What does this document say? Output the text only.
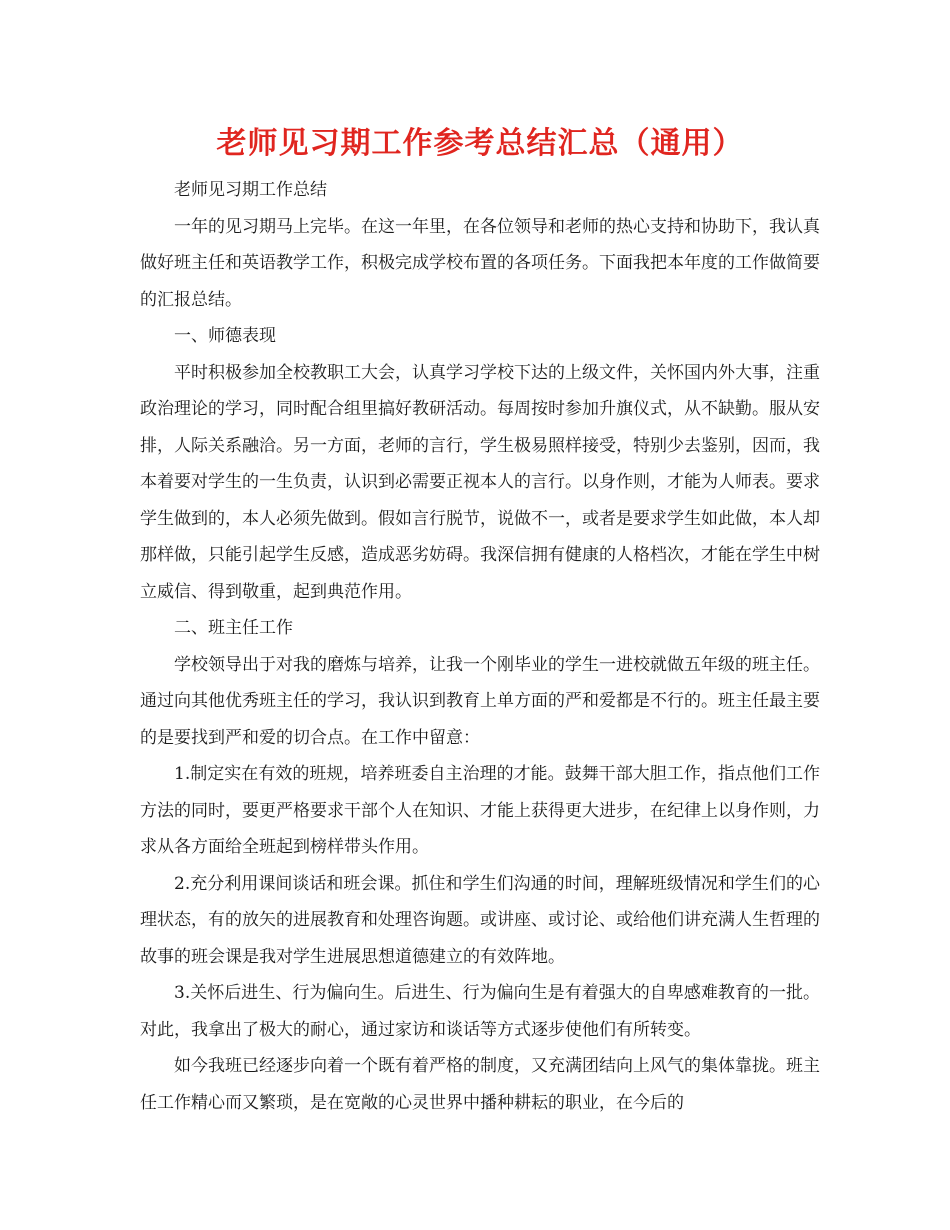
老师见习期工作参考总结汇总（通用）

老师见习期工作总结

一年的见习期马上完毕。在这一年里，在各位领导和老师的热心支持和协助下，我认真做好班主任和英语教学工作，积极完成学校布置的各项任务。下面我把本年度的工作做简要的汇报总结。

一、师德表现

平时积极参加全校教职工大会，认真学习学校下达的上级文件，关怀国内外大事，注重政治理论的学习，同时配合组里搞好教研活动。每周按时参加升旗仪式，从不缺勤。服从安排，人际关系融洽。另一方面，老师的言行，学生极易照样接受，特别少去鉴别，因而，我本着要对学生的一生负责，认识到必需要正视本人的言行。以身作则，才能为人师表。要求学生做到的，本人必须先做到。假如言行脱节，说做不一，或者是要求学生如此做，本人却那样做，只能引起学生反感，造成恶劣妨碍。我深信拥有健康的人格档次，才能在学生中树立威信、得到敬重，起到典范作用。

二、班主任工作

学校领导出于对我的磨炼与培养，让我一个刚毕业的学生一进校就做五年级的班主任。通过向其他优秀班主任的学习，我认识到教育上单方面的严和爱都是不行的。班主任最主要的是要找到严和爱的切合点。在工作中留意：

1.制定实在有效的班规，培养班委自主治理的才能。鼓舞干部大胆工作，指点他们工作方法的同时，要更严格要求干部个人在知识、才能上获得更大进步，在纪律上以身作则，力求从各方面给全班起到榜样带头作用。

2.充分利用课间谈话和班会课。抓住和学生们沟通的时间，理解班级情况和学生们的心理状态，有的放矢的进展教育和处理咨询题。或讲座、或讨论、或给他们讲充满人生哲理的故事的班会课是我对学生进展思想道德建立的有效阵地。

3.关怀后进生、行为偏向生。后进生、行为偏向生是有着强大的自卑感难教育的一批。对此，我拿出了极大的耐心，通过家访和谈话等方式逐步使他们有所转变。

如今我班已经逐步向着一个既有着严格的制度，又充满团结向上风气的集体靠拢。班主任工作精心而又繁琐，是在宽敞的心灵世界中播种耕耘的职业，在今后的
